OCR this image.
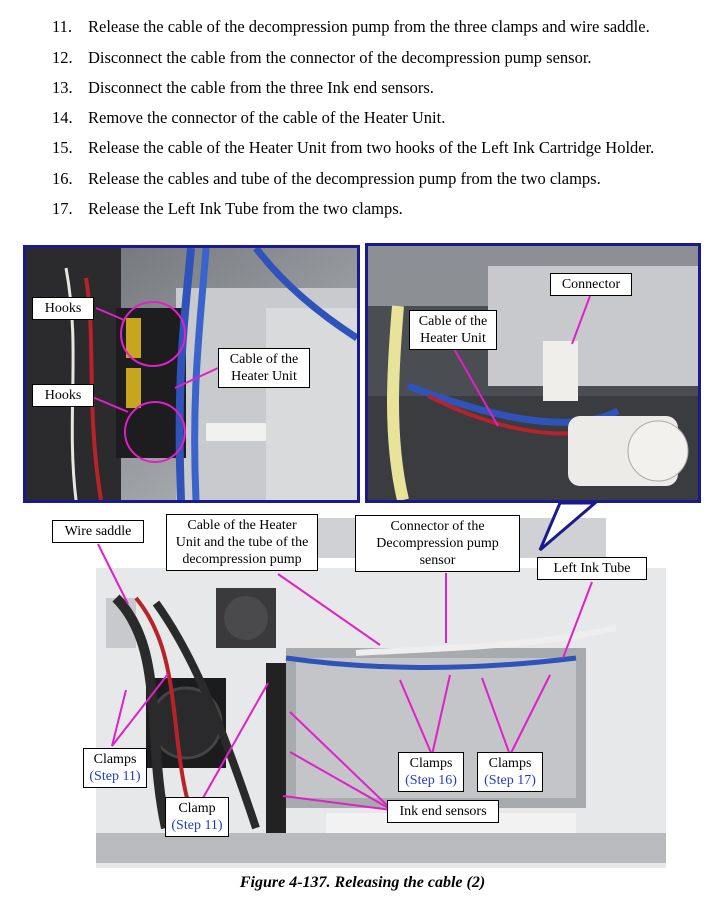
11. Release the cable of the decompression pump from the three clamps and wire saddle.
12. Disconnect the cable from the connector of the decompression pump sensor.
13. Disconnect the cable from the three Ink end sensors.
14. Remove the connector of the cable of the Heater Unit.
15. Release the cable of the Heater Unit from two hooks of the Left Ink Cartridge Holder.
16. Release the cables and tube of the decompression pump from the two clamps.
17. Release the Left Ink Tube from the two clamps.
Hooks
Hooks
Cable of the
Heater Unit
Connector
Cable of the
Heater Unit
Wire saddle	Cable of the Heater
Unit and the tube of the
decompression pump
Connector of the
Decompression pump
sensor
Left Ink Tube
Clamps
(Step 11)
Clamp
(Step 11)
Clamps
(Step 16)
Clamps
(Step 17)
Ink end sensors
Figure 4-137. Releasing the cable (2)
